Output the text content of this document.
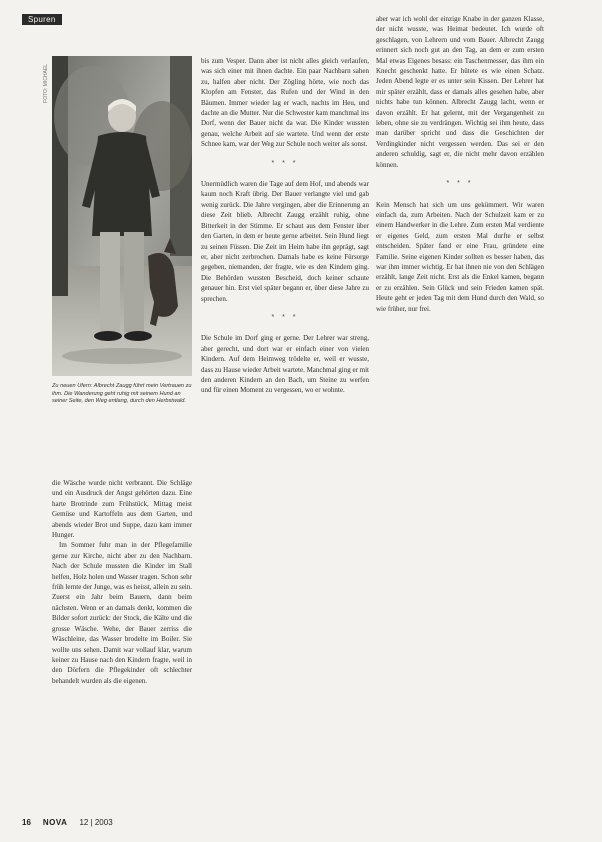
Spuren
FOTO: MICHAEL
Zu neuen Ufern: Albrecht Zaugg führt mein Vertrauen zu ihm. Die Wanderung geht ruhig mit seinem Hund an seiner Seite, den Weg entlang, durch den Herbstwald.

die Wäsche wurde nicht verbrannt. Die Schläge und ein Ausdruck der Angst gehörten dazu. Eine harte Brotrinde zum Frühstück, Mittag meist Gemüse und Kartoffeln aus dem Garten, und abends wieder Brot und Suppe, dazu kam immer Hunger.

Im Sommer fuhr man in der Pflegefamilie gerne zur Kirche, nicht aber zu den Nachbarn. Nach der Schule mussten die Kinder im Stall helfen, Holz holen und Wasser tragen. Schon sehr früh lernte der Junge, was es heisst, allein zu sein. Zuerst ein Jahr beim Bauern, dann beim nächsten. Wenn er an damals denkt, kommen die Bilder sofort zurück: der Stock, die Kälte und die grosse Wäsche. Wehe, der Bauer zerriss die Wäschleine, das Wasser brodelte im Boiler. Sie wollte uns sehen. Damit war vollauf klar, warum keiner zu Hause nach den Kindern fragte, weil in den Dörfern die Pflegekinder oft schlechter behandelt wurden als die eigenen.

bis zum Vesper. Dann aber ist nicht alles gleich verlaufen, was sich einer mit ihnen dachte. Ein paar Nachbarn sahen zu, halfen aber nicht. Der Zögling hörte, wie noch das Klopfen am Fenster, das Rufen und der Wind in den Bäumen. Immer wieder lag er wach, nachts im Heu, und dachte an die Mutter. Nur die Schwester kam manchmal ins Dorf, wenn der Bauer nicht da war. Die Kinder wussten genau, welche Arbeit auf sie wartete. Und wenn der erste Schnee kam, war der Weg zur Schule noch weiter als sonst.

* * *

Unermüdlich waren die Tage auf dem Hof, und abends war kaum noch Kraft übrig. Der Bauer verlangte viel und gab wenig zurück. Die Jahre vergingen, aber die Erinnerung an diese Zeit blieb. Albrecht Zaugg erzählt ruhig, ohne Bitterkeit in der Stimme. Er schaut aus dem Fenster über den Garten, in dem er heute gerne arbeitet. Sein Hund liegt zu seinen Füssen. Die Zeit im Heim habe ihn geprägt, sagt er, aber nicht zerbrochen. Damals habe es keine Fürsorge gegeben, niemanden, der fragte, wie es den Kindern ging. Die Behörden wussten Bescheid, doch keiner schaute genauer hin. Erst viel später begann er, über diese Jahre zu sprechen.

* * *

Die Schule im Dorf ging er gerne. Der Lehrer war streng, aber gerecht, und dort war er einfach einer von vielen Kindern. Auf dem Heimweg trödelte er, weil er wusste, dass zu Hause wieder Arbeit wartete. Manchmal ging er mit den anderen Kindern an den Bach, um Steine zu werfen und für einen Moment zu vergessen, wo er wohnte.

aber war ich wohl der einzige Knabe in der ganzen Klasse, der nicht wusste, was Heimat bedeutet. Ich wurde oft geschlagen, von Lehrern und vom Bauer. Albrecht Zaugg erinnert sich noch gut an den Tag, an dem er zum ersten Mal etwas Eigenes besass: ein Taschenmesser, das ihm ein Knecht geschenkt hatte. Er hütete es wie einen Schatz. Jeden Abend legte er es unter sein Kissen. Der Lehrer hat mir später erzählt, dass er damals alles gesehen habe, aber nichts habe tun können. Albrecht Zaugg lacht, wenn er davon erzählt. Er hat gelernt, mit der Vergangenheit zu leben, ohne sie zu verdrängen. Wichtig sei ihm heute, dass man darüber spricht und dass die Geschichten der Verdingkinder nicht vergessen werden. Das sei er den anderen schuldig, sagt er, die nicht mehr davon erzählen können.

* * *

Kein Mensch hat sich um uns gekümmert. Wir waren einfach da, zum Arbeiten. Nach der Schulzeit kam er zu einem Handwerker in die Lehre. Zum ersten Mal verdiente er eigenes Geld, zum ersten Mal durfte er selbst entscheiden. Später fand er eine Frau, gründete eine Familie. Seine eigenen Kinder sollten es besser haben, das war ihm immer wichtig. Er hat ihnen nie von den Schlägen erzählt, lange Zeit nicht. Erst als die Enkel kamen, begann er zu erzählen. Sein Glück und sein Frieden kamen spät. Heute geht er jeden Tag mit dem Hund durch den Wald, so wie früher, nur frei.

16 NOVA 12 | 2003
